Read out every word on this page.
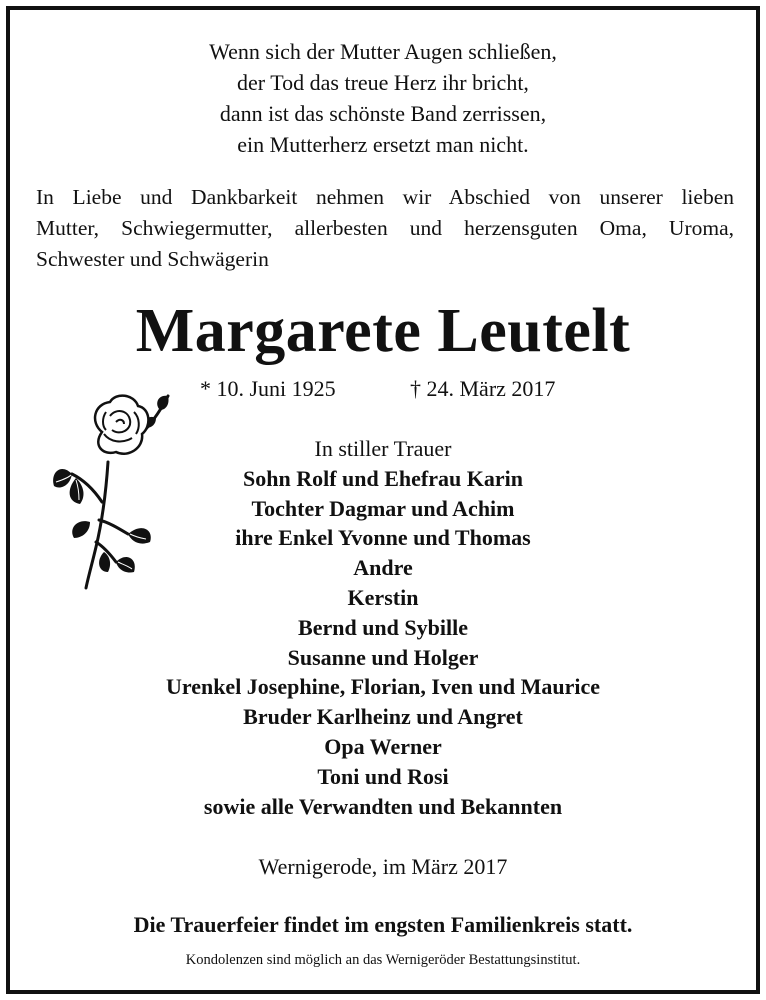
Wenn sich der Mutter Augen schließen,
der Tod das treue Herz ihr bricht,
dann ist das schönste Band zerrissen,
ein Mutterherz ersetzt man nicht.
In Liebe und Dankbarkeit nehmen wir Abschied von unserer lieben
Mutter, Schwiegermutter, allerbesten und herzensguten Oma, Uroma,
Schwester und Schwägerin
Margarete Leutelt
* 10. Juni 1925	† 24. März 2017
In stiller Trauer
Sohn Rolf und Ehefrau Karin
Tochter Dagmar und Achim
ihre Enkel Yvonne und Thomas
Andre
Kerstin
Bernd und Sybille
Susanne und Holger
Urenkel Josephine, Florian, Iven und Maurice
Bruder Karlheinz und Angret
Opa Werner
Toni und Rosi
sowie alle Verwandten und Bekannten
Wernigerode, im März 2017
Die Trauerfeier findet im engsten Familienkreis statt.
Kondolenzen sind möglich an das Wernigeröder Bestattungsinstitut.
